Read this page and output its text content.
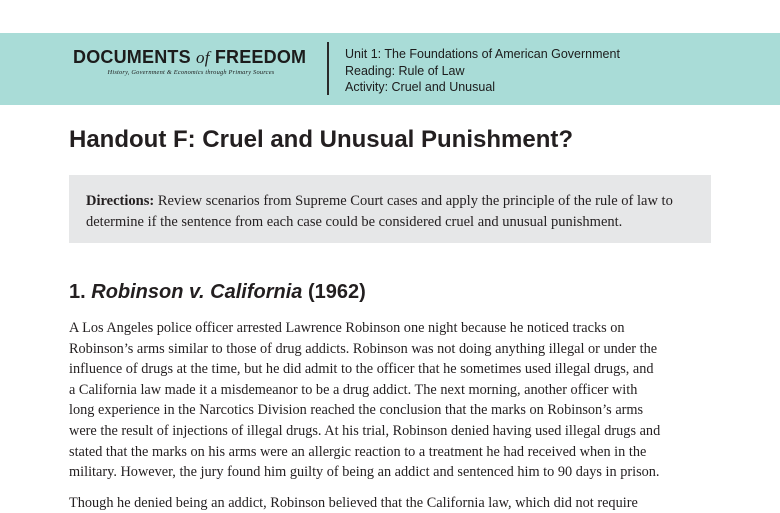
DOCUMENTS of FREEDOM
History, Government & Economics through Primary Sources
Unit 1: The Foundations of American Government
Reading: Rule of Law
Activity: Cruel and Unusual
Handout F: Cruel and Unusual Punishment?

Directions: Review scenarios from Supreme Court cases and apply the principle of the rule of law to determine if the sentence from each case could be considered cruel and unusual punishment.

1. Robinson v. California (1962)
A Los Angeles police officer arrested Lawrence Robinson one night because he noticed tracks on
Robinson’s arms similar to those of drug addicts. Robinson was not doing anything illegal or under the
influence of drugs at the time, but he did admit to the officer that he sometimes used illegal drugs, and
a California law made it a misdemeanor to be a drug addict. The next morning, another officer with
long experience in the Narcotics Division reached the conclusion that the marks on Robinson’s arms
were the result of injections of illegal drugs. At his trial, Robinson denied having used illegal drugs and
stated that the marks on his arms were an allergic reaction to a treatment he had received when in the
military. However, the jury found him guilty of being an addict and sentenced him to 90 days in prison.
Though he denied being an addict, Robinson believed that the California law, which did not require
